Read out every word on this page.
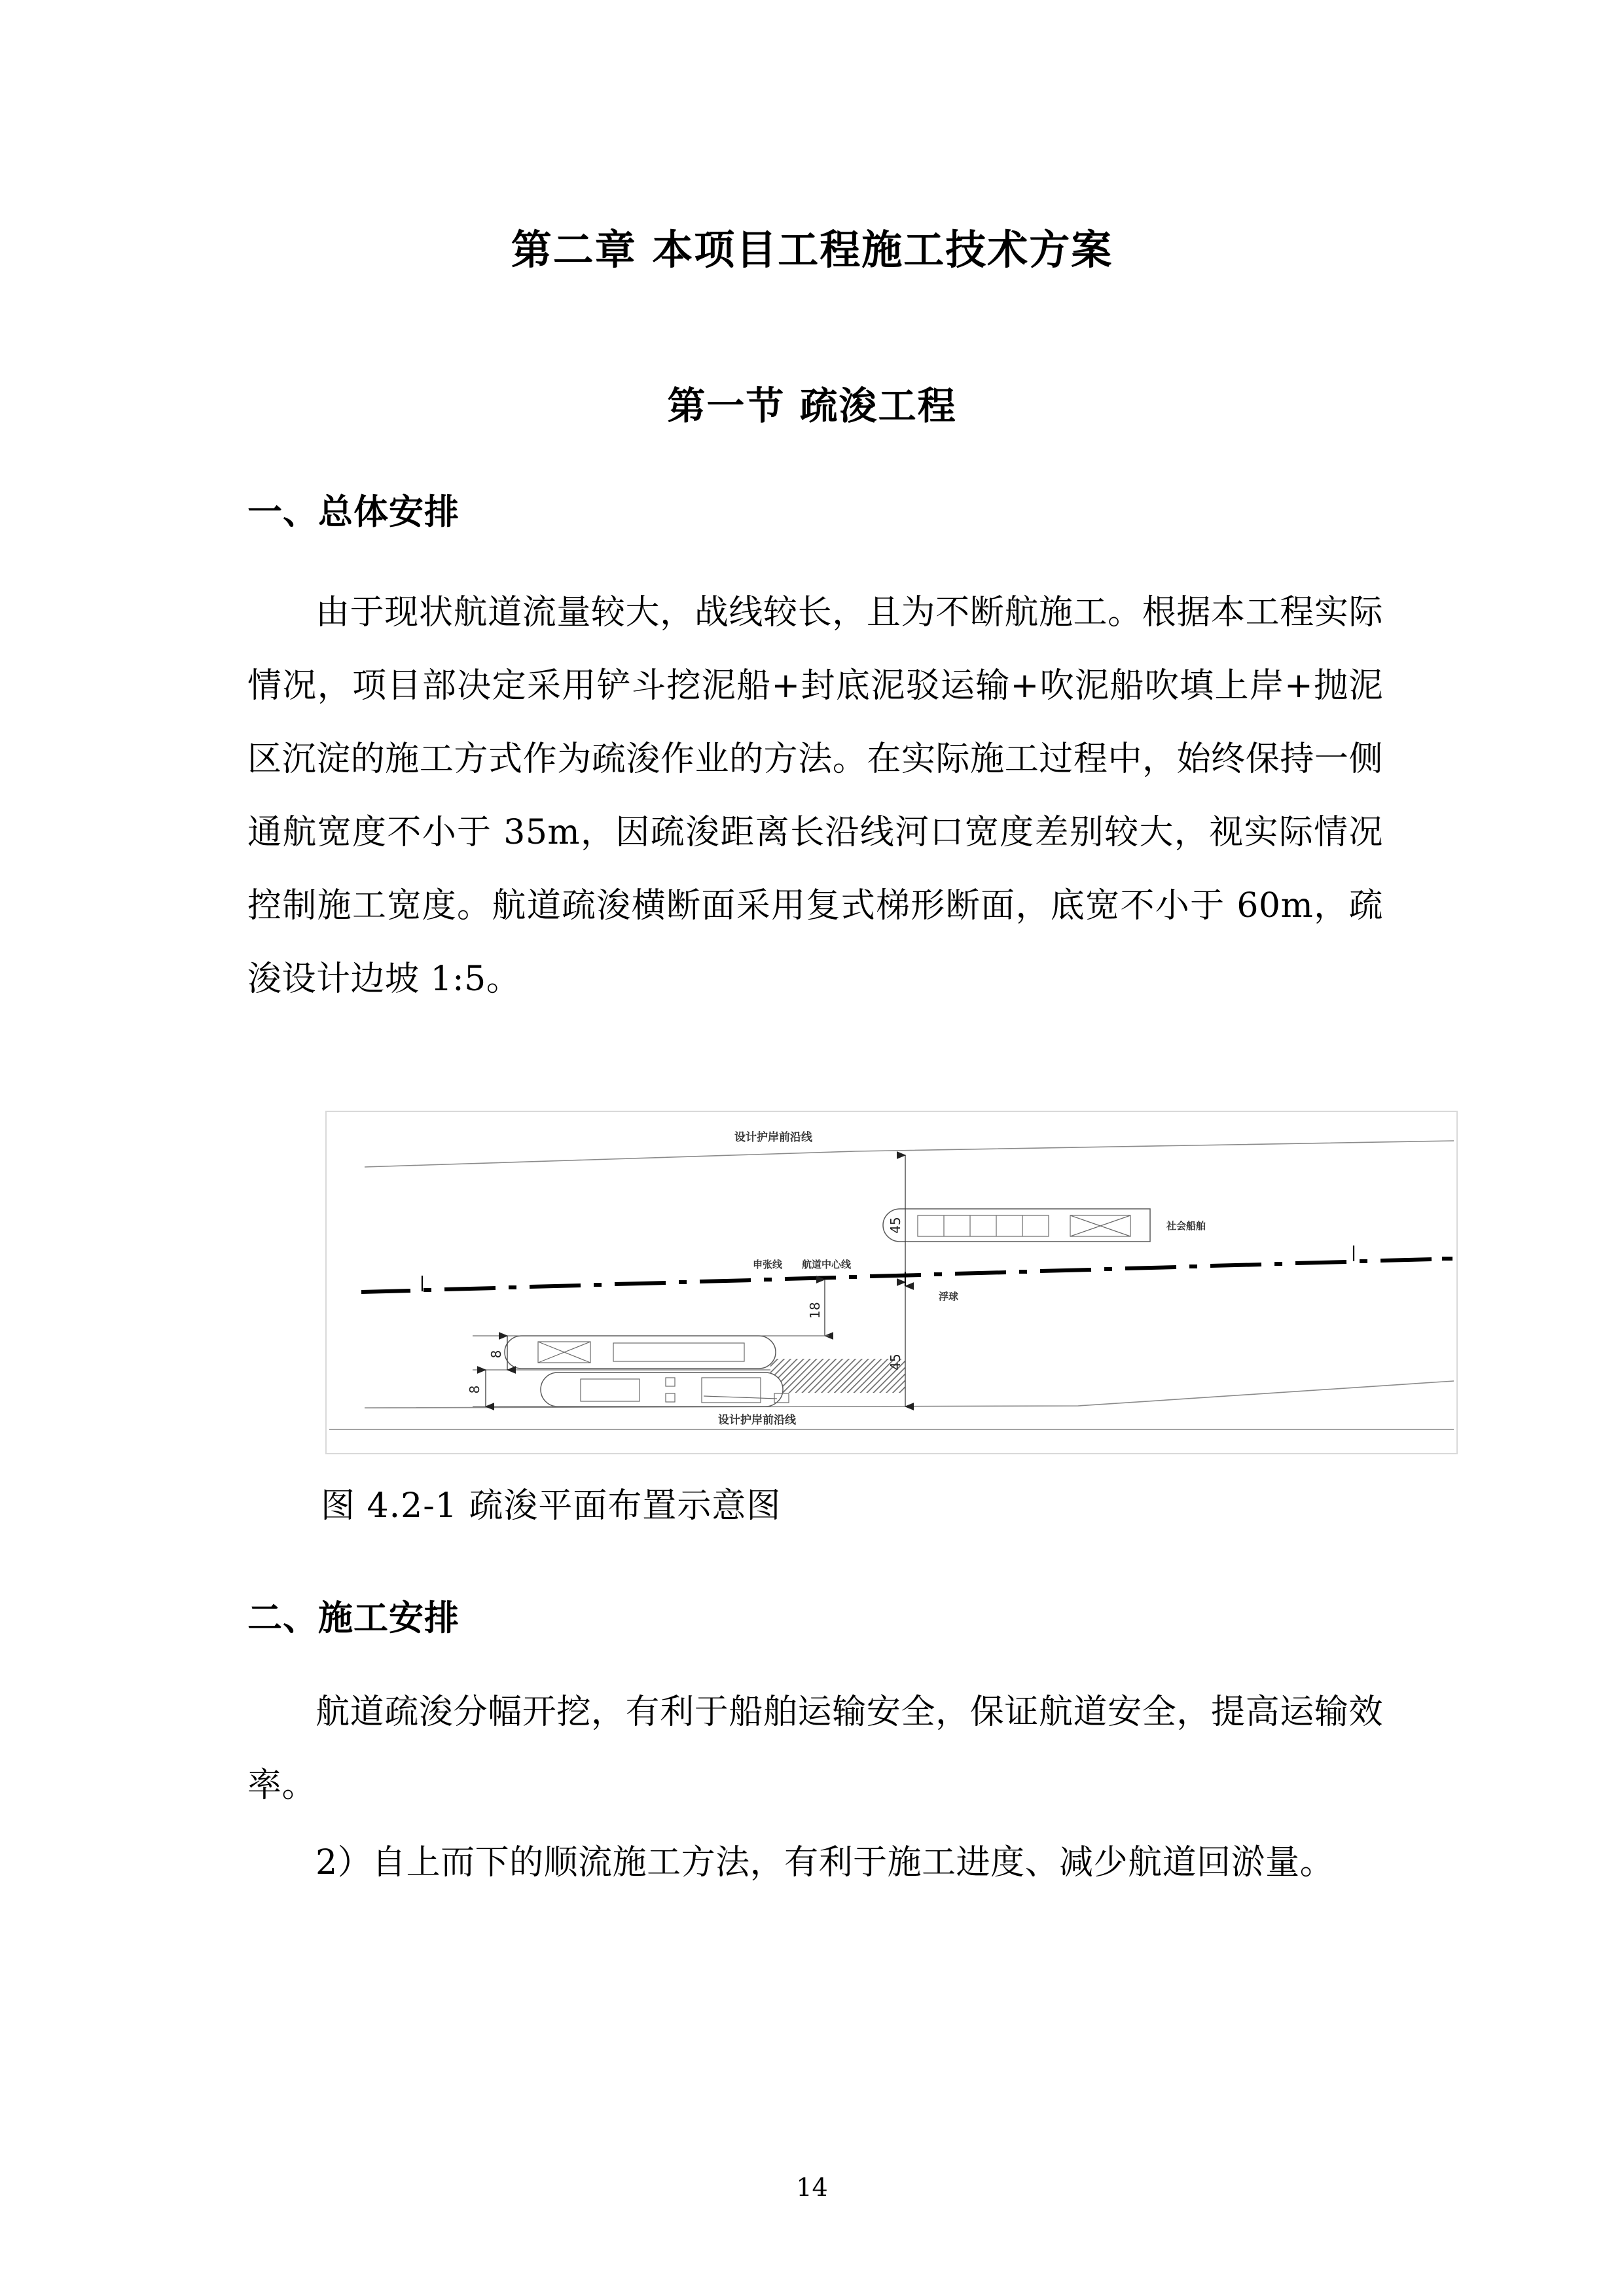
第二章 本项目工程施工技术方案
第一节 疏浚工程
一、总体安排

由于现状航道流量较大，战线较长，且为不断航施工。根据本工程实际情况，项目部决定采用铲斗挖泥船+封底泥驳运输+吹泥船吹填上岸+抛泥区沉淀的施工方式作为疏浚作业的方法。在实际施工过程中，始终保持一侧通航宽度不小于 35m，因疏浚距离长沿线河口宽度差别较大，视实际情况控制施工宽度。航道疏浚横断面采用复式梯形断面，底宽不小于 60m，疏浚设计边坡 1:5。

设计护岸前沿线
设计护岸前沿线
申张线 航道中心线
浮球
社会船舶
45
45
18
8
8
图 4.2-1 疏浚平面布置示意图
二、施工安排

航道疏浚分幅开挖，有利于船舶运输安全，保证航道安全，提高运输效率。

2）自上而下的顺流施工方法，有利于施工进度、减少航道回淤量。

14
